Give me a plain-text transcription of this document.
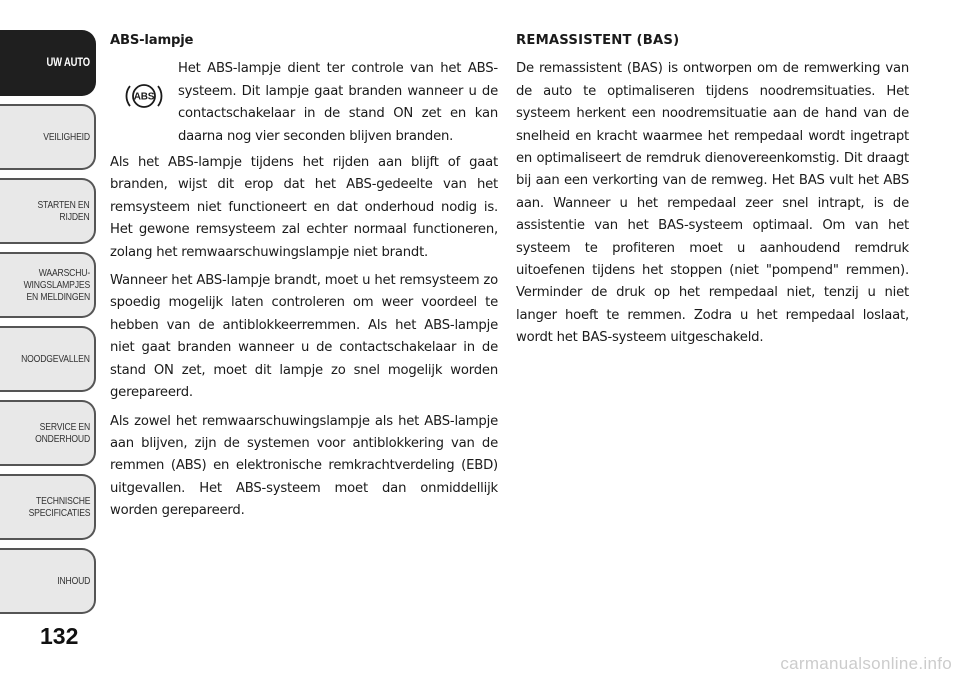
UW AUTO
VEILIGHEID
STARTEN EN
RIJDEN
WAARSCHU-
WINGSLAMPJES
EN MELDINGEN
NOODGEVALLEN
SERVICE EN
ONDERHOUD
TECHNISCHE
SPECIFICATIES
INHOUD
132

ABS-lampje

ABS
Het ABS-lampje dient ter controle van het ABS-systeem. Dit lampje gaat branden wanneer u de contactschakelaar in de stand ON zet en kan daarna nog vier seconden blijven branden.

Als het ABS-lampje tijdens het rijden aan blijft of gaat branden, wijst dit erop dat het ABS-gedeelte van het remsysteem niet functioneert en dat onderhoud nodig is. Het gewone remsysteem zal echter normaal functioneren, zolang het remwaarschuwingslampje niet brandt.

Wanneer het ABS-lampje brandt, moet u het remsysteem zo spoedig mogelijk laten controleren om weer voordeel te hebben van de antiblokkeerremmen. Als het ABS-lampje niet gaat branden wanneer u de contactschakelaar in de stand ON zet, moet dit lampje zo snel mogelijk worden gerepareerd.

Als zowel het remwaarschuwingslampje als het ABS-lampje aan blijven, zijn de systemen voor antiblokkering van de remmen (ABS) en elektronische remkrachtverdeling (EBD) uitgevallen. Het ABS-systeem moet dan onmiddellijk worden gerepareerd.

REMASSISTENT (BAS)

De remassistent (BAS) is ontworpen om de remwerking van de auto te optimaliseren tijdens noodremsituaties. Het systeem herkent een noodremsituatie aan de hand van de snelheid en kracht waarmee het rempedaal wordt ingetrapt en optimaliseert de remdruk dienovereenkomstig. Dit draagt bij aan een verkorting van de remweg. Het BAS vult het ABS aan. Wanneer u het rempedaal zeer snel intrapt, is de assistentie van het BAS-systeem optimaal. Om van het systeem te profiteren moet u aanhoudend remdruk uitoefenen tijdens het stoppen (niet "pompend" remmen). Verminder de druk op het rempedaal niet, tenzij u niet langer hoeft te remmen. Zodra u het rempedaal loslaat, wordt het BAS-systeem uitgeschakeld.

carmanualsonline.info
